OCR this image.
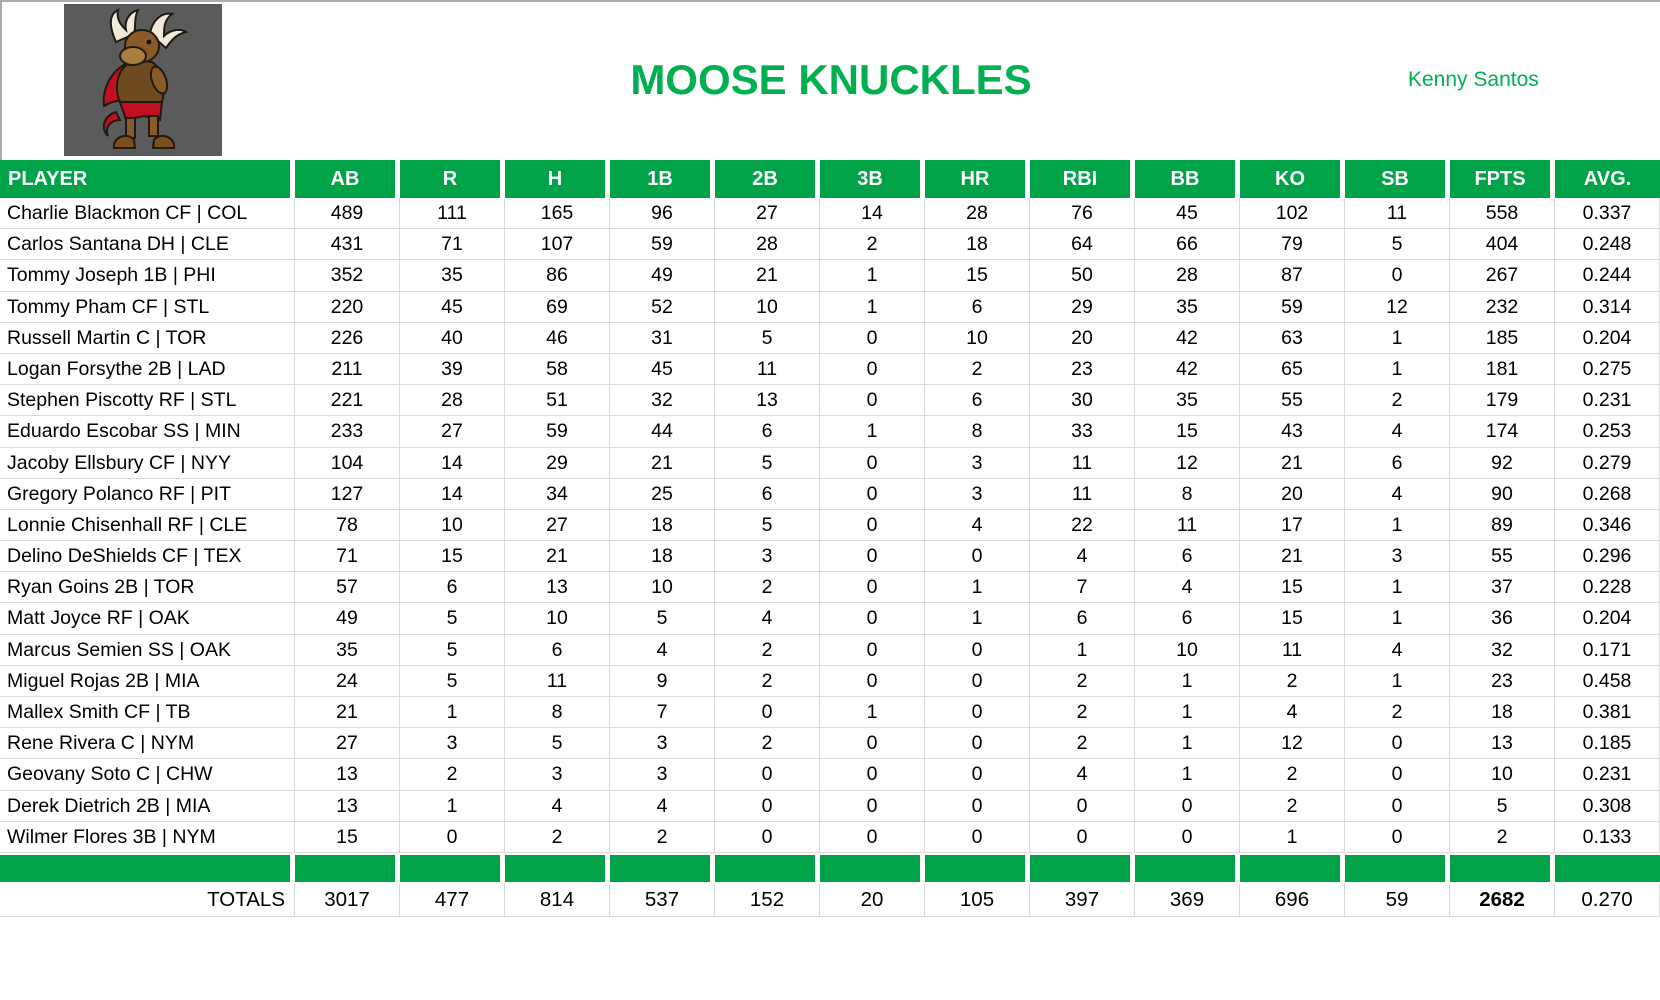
MOOSE KNUCKLES	Kenny Santos
PLAYER	AB	R	H	1B	2B	3B	HR	RBI	BB	KO	SB	FPTS	AVG.
Charlie Blackmon CF | COL	489	111	165	96	27	14	28	76	45	102	11	558	0.337
Carlos Santana DH | CLE	431	71	107	59	28	2	18	64	66	79	5	404	0.248
Tommy Joseph 1B | PHI	352	35	86	49	21	1	15	50	28	87	0	267	0.244
Tommy Pham CF | STL	220	45	69	52	10	1	6	29	35	59	12	232	0.314
Russell Martin C | TOR	226	40	46	31	5	0	10	20	42	63	1	185	0.204
Logan Forsythe 2B | LAD	211	39	58	45	11	0	2	23	42	65	1	181	0.275
Stephen Piscotty RF | STL	221	28	51	32	13	0	6	30	35	55	2	179	0.231
Eduardo Escobar SS | MIN	233	27	59	44	6	1	8	33	15	43	4	174	0.253
Jacoby Ellsbury CF | NYY	104	14	29	21	5	0	3	11	12	21	6	92	0.279
Gregory Polanco RF | PIT	127	14	34	25	6	0	3	11	8	20	4	90	0.268
Lonnie Chisenhall RF | CLE	78	10	27	18	5	0	4	22	11	17	1	89	0.346
Delino DeShields CF | TEX	71	15	21	18	3	0	0	4	6	21	3	55	0.296
Ryan Goins 2B | TOR	57	6	13	10	2	0	1	7	4	15	1	37	0.228
Matt Joyce RF | OAK	49	5	10	5	4	0	1	6	6	15	1	36	0.204
Marcus Semien SS | OAK	35	5	6	4	2	0	0	1	10	11	4	32	0.171
Miguel Rojas 2B | MIA	24	5	11	9	2	0	0	2	1	2	1	23	0.458
Mallex Smith CF | TB	21	1	8	7	0	1	0	2	1	4	2	18	0.381
Rene Rivera C | NYM	27	3	5	3	2	0	0	2	1	12	0	13	0.185
Geovany Soto C | CHW	13	2	3	3	0	0	0	4	1	2	0	10	0.231
Derek Dietrich 2B | MIA	13	1	4	4	0	0	0	0	0	2	0	5	0.308
Wilmer Flores 3B | NYM	15	0	2	2	0	0	0	0	0	1	0	2	0.133
TOTALS	3017	477	814	537	152	20	105	397	369	696	59	2682	0.270
